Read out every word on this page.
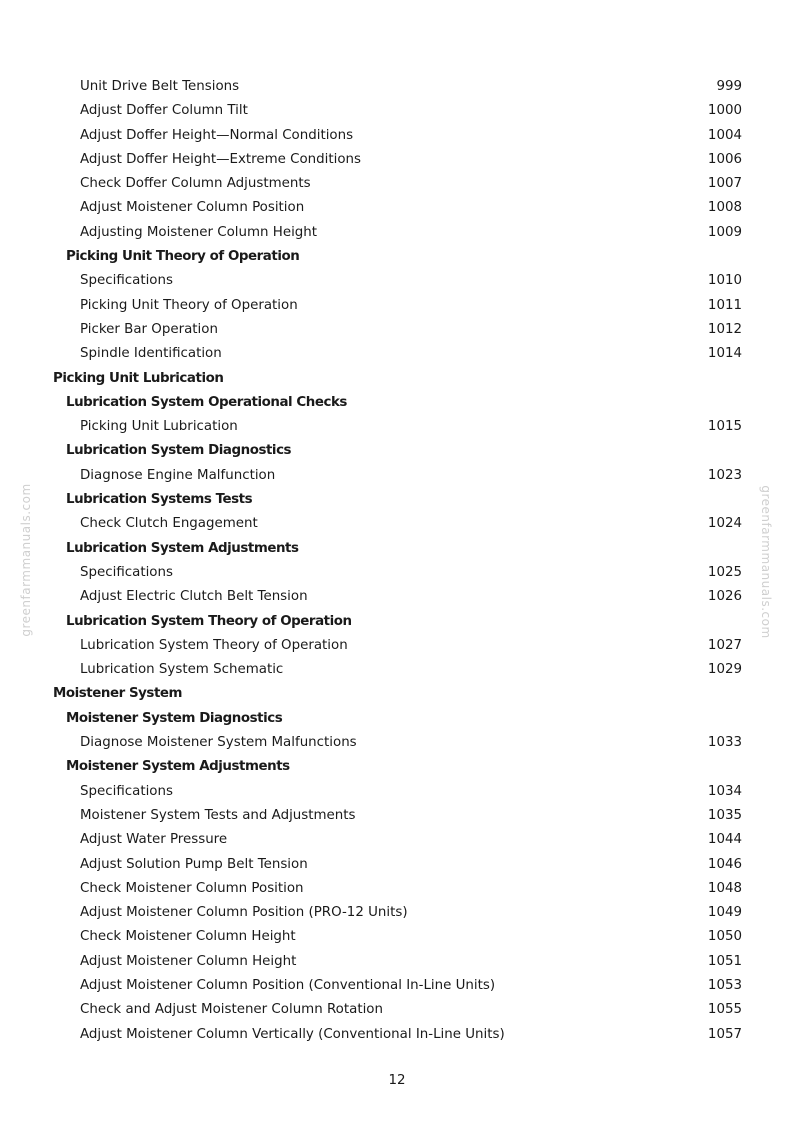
greenfarmmanuals.com	greenfarmmanuals.com
Unit Drive Belt Tensions	999
Adjust Doffer Column Tilt	1000
Adjust Doffer Height—Normal Conditions	1004
Adjust Doffer Height—Extreme Conditions	1006
Check Doffer Column Adjustments	1007
Adjust Moistener Column Position	1008
Adjusting Moistener Column Height	1009
Picking Unit Theory of Operation
Specifications	1010
Picking Unit Theory of Operation	1011
Picker Bar Operation	1012
Spindle Identification	1014
Picking Unit Lubrication
Lubrication System Operational Checks
Picking Unit Lubrication	1015
Lubrication System Diagnostics
Diagnose Engine Malfunction	1023
Lubrication Systems Tests
Check Clutch Engagement	1024
Lubrication System Adjustments
Specifications	1025
Adjust Electric Clutch Belt Tension	1026
Lubrication System Theory of Operation
Lubrication System Theory of Operation	1027
Lubrication System Schematic	1029
Moistener System
Moistener System Diagnostics
Diagnose Moistener System Malfunctions	1033
Moistener System Adjustments
Specifications	1034
Moistener System Tests and Adjustments	1035
Adjust Water Pressure	1044
Adjust Solution Pump Belt Tension	1046
Check Moistener Column Position	1048
Adjust Moistener Column Position (PRO-12 Units)	1049
Check Moistener Column Height	1050
Adjust Moistener Column Height	1051
Adjust Moistener Column Position (Conventional In-Line Units)	1053
Check and Adjust Moistener Column Rotation	1055
Adjust Moistener Column Vertically (Conventional In-Line Units)	1057
12
